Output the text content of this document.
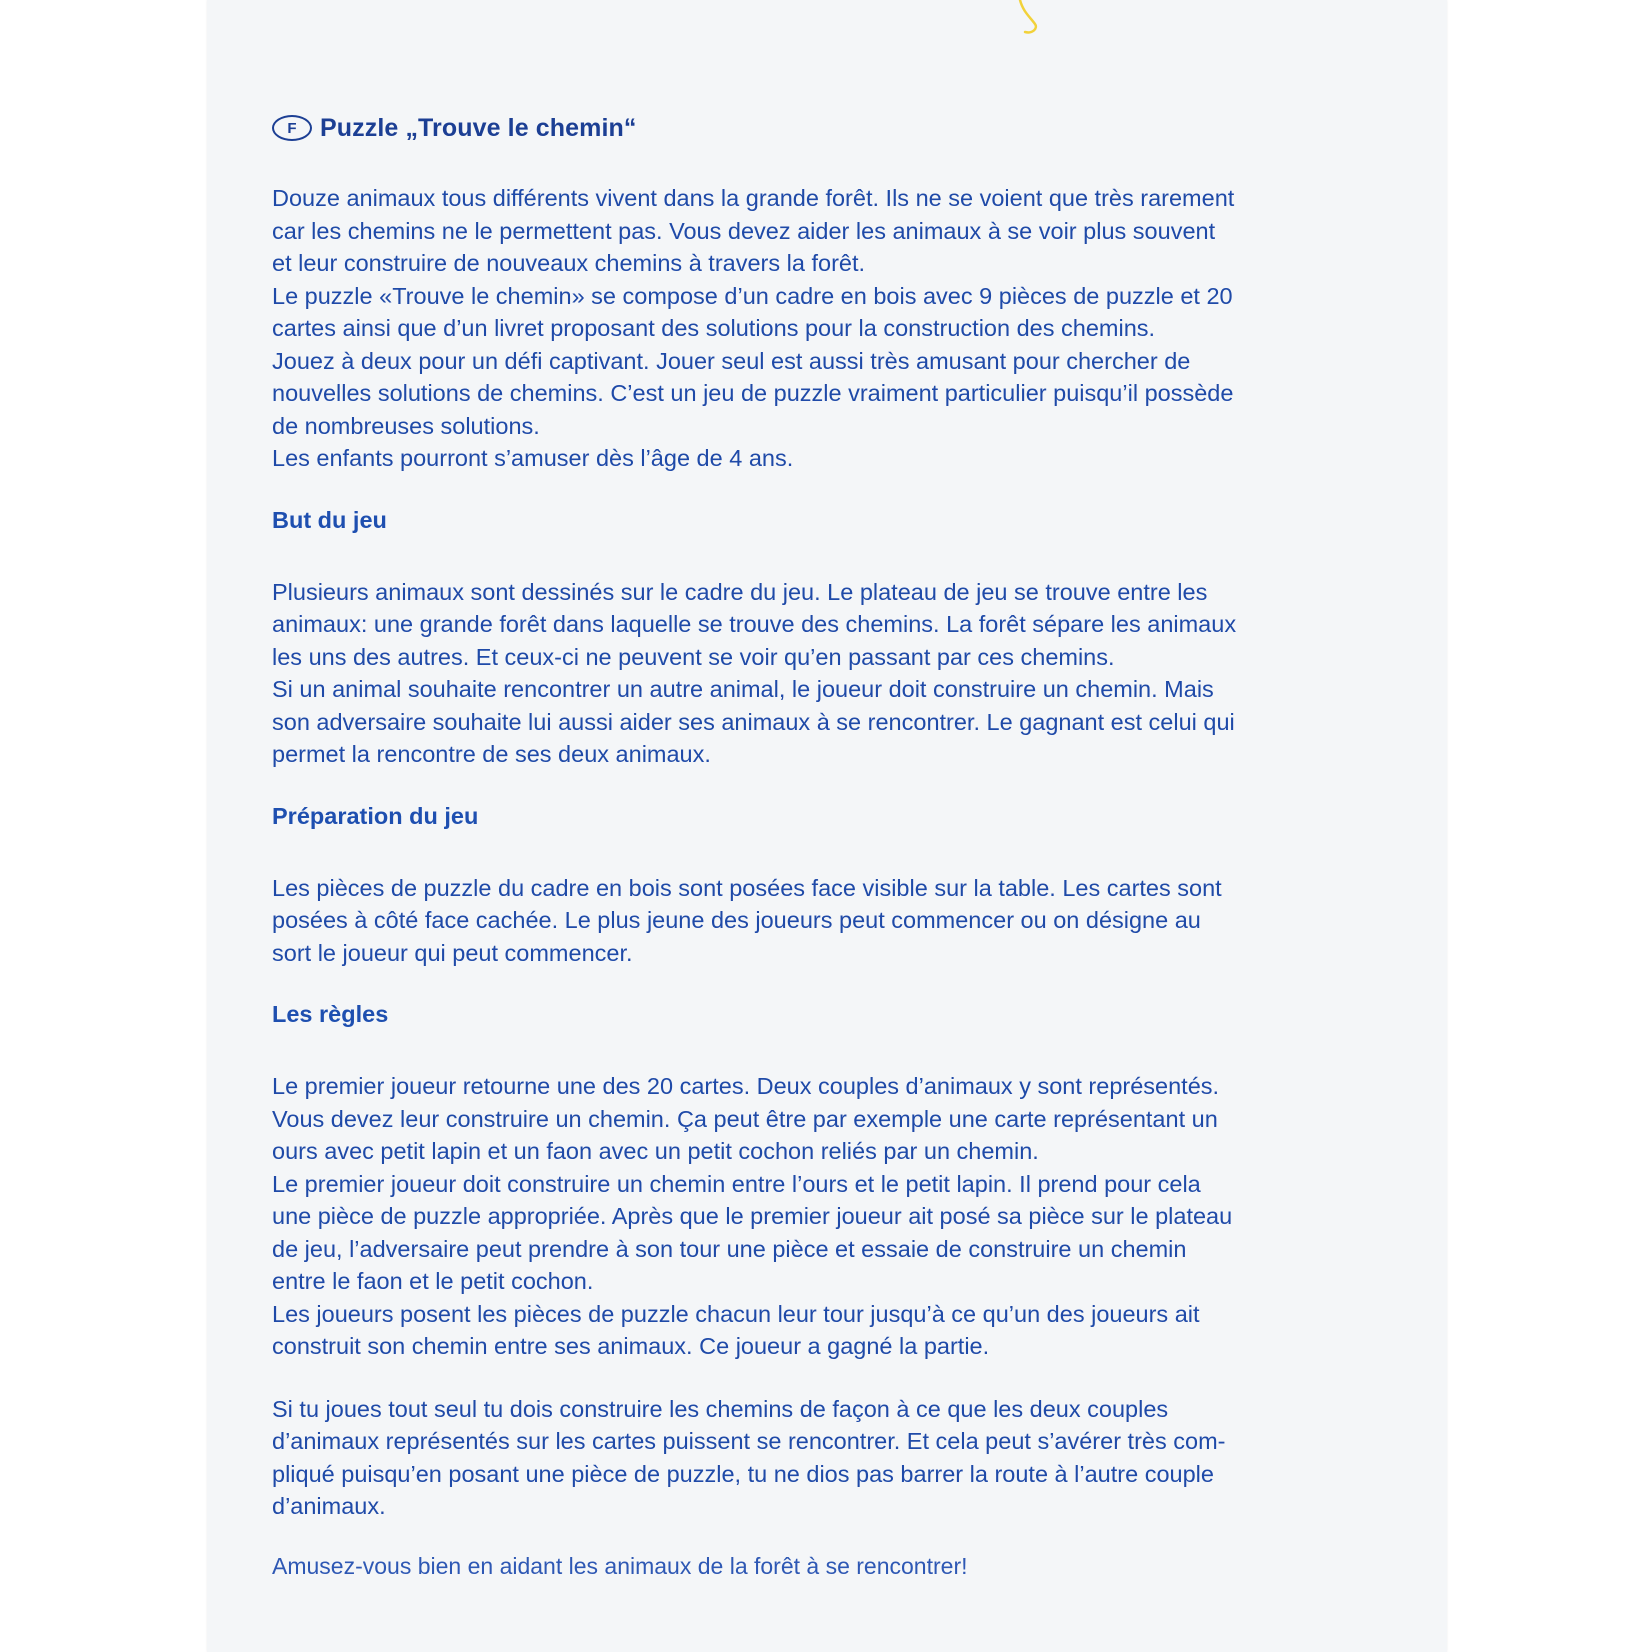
F Puzzle „Trouve le chemin“

Douze animaux tous différents vivent dans la grande forêt. Ils ne se voient que très rarement
car les chemins ne le permettent pas. Vous devez aider les animaux à se voir plus souvent
et leur construire de nouveaux chemins à travers la forêt.
Le puzzle «Trouve le chemin» se compose d’un cadre en bois avec 9 pièces de puzzle et 20
cartes ainsi que d’un livret proposant des solutions pour la construction des chemins.
Jouez à deux pour un défi captivant. Jouer seul est aussi très amusant pour chercher de
nouvelles solutions de chemins. C’est un jeu de puzzle vraiment particulier puisqu’il possède
de nombreuses solutions.
Les enfants pourront s’amuser dès l’âge de 4 ans.

But du jeu

Plusieurs animaux sont dessinés sur le cadre du jeu. Le plateau de jeu se trouve entre les
animaux: une grande forêt dans laquelle se trouve des chemins. La forêt sépare les animaux
les uns des autres. Et ceux-ci ne peuvent se voir qu’en passant par ces chemins.
Si un animal souhaite rencontrer un autre animal, le joueur doit construire un chemin. Mais
son adversaire souhaite lui aussi aider ses animaux à se rencontrer. Le gagnant est celui qui
permet la rencontre de ses deux animaux.

Préparation du jeu

Les pièces de puzzle du cadre en bois sont posées face visible sur la table. Les cartes sont
posées à côté face cachée. Le plus jeune des joueurs peut commencer ou on désigne au
sort le joueur qui peut commencer.

Les règles

Le premier joueur retourne une des 20 cartes. Deux couples d’animaux y sont représentés.
Vous devez leur construire un chemin. Ça peut être par exemple une carte représentant un
ours avec petit lapin et un faon avec un petit cochon reliés par un chemin.
Le premier joueur doit construire un chemin entre l’ours et le petit lapin. Il prend pour cela
une pièce de puzzle appropriée. Après que le premier joueur ait posé sa pièce sur le plateau
de jeu, l’adversaire peut prendre à son tour une pièce et essaie de construire un chemin
entre le faon et le petit cochon.
Les joueurs posent les pièces de puzzle chacun leur tour jusqu’à ce qu’un des joueurs ait
construit son chemin entre ses animaux. Ce joueur a gagné la partie.

Si tu joues tout seul tu dois construire les chemins de façon à ce que les deux couples
d’animaux représentés sur les cartes puissent se rencontrer. Et cela peut s’avérer très com-
pliqué puisqu’en posant une pièce de puzzle, tu ne dios pas barrer la route à l’autre couple
d’animaux.

Amusez-vous bien en aidant les animaux de la forêt à se rencontrer!
